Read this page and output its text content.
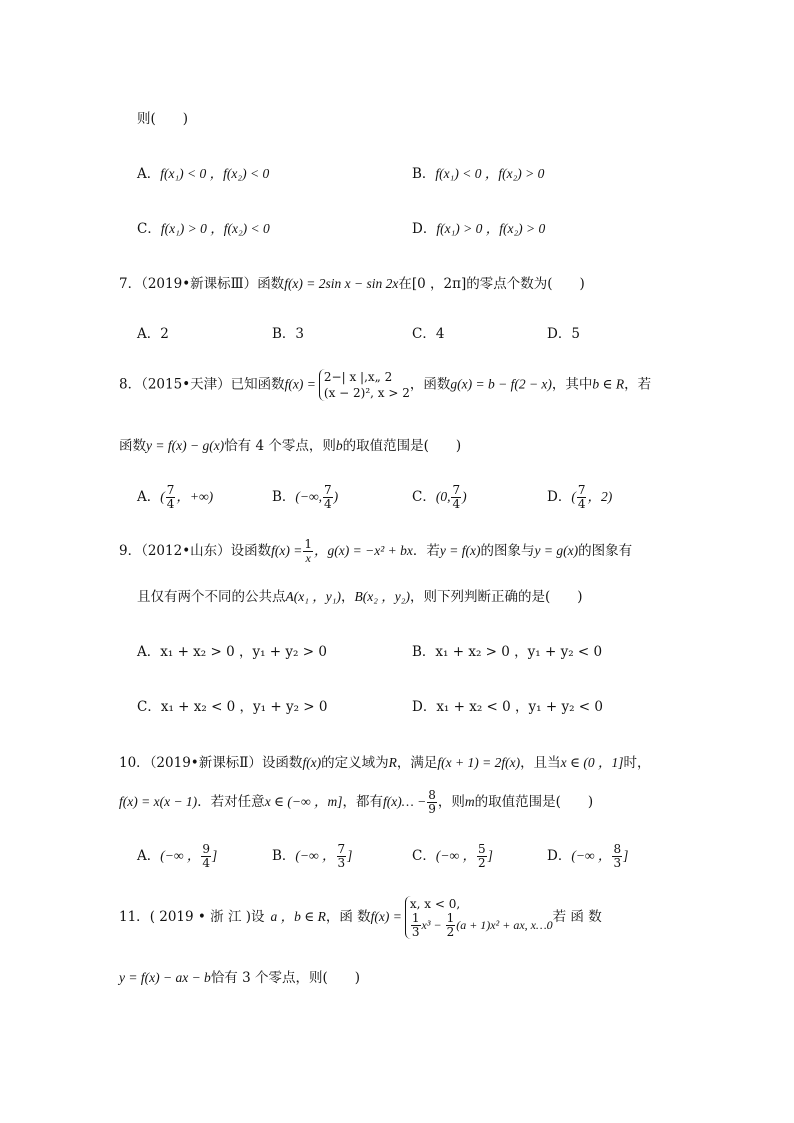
则(　　)
A．f(x₁) < 0 ，f(x₂) < 0	B．f(x₁) < 0 ，f(x₂) > 0
C．f(x₁) > 0 ，f(x₂) < 0	D．f(x₁) > 0 ，f(x₂) > 0
7．（2019•新课标Ⅲ）函数f(x) = 2sin x − sin 2x在[0 ，2π]的零点个数为(　　)
A．2	B．3	C．4	D．5
8．（2015•天津）已知函数f(x) = 2−| x |,x„ 2
(x − 2)², x > 2
，函数g(x) = b − f(2 − x)，其中b ∈ R，若
函数y = f(x) − g(x)恰有 4 个零点，则b的取值范围是(　　)
A．( $\frac{7}{4}$ ，+∞)	B．(−∞, $\frac{7}{4}$ )	C．(0, $\frac{7}{4}$ )	D．( $\frac{7}{4}$ ，2)
9．（2012•山东）设函数$f(x) = \frac{1}{x}$ ，g(x) = −x² + bx．若y = f(x)的图象与y = g(x)的图象有
且仅有两个不同的公共点A(x₁ ，y₁)，B(x₂ ，y₂)，则下列判断正确的是(　　)
A．x₁ + x₂ > 0 ，y₁ + y₂ > 0	B．x₁ + x₂ > 0 ，y₁ + y₂ < 0
C．x₁ + x₂ < 0 ，y₁ + y₂ > 0	D．x₁ + x₂ < 0 ，y₁ + y₂ < 0
10．（2019•新课标Ⅱ）设函数f(x)的定义域为R，满足f(x + 1) = 2f(x)，且当x ∈ (0 ，1]时，
f(x) = x(x − 1)．若对任意x ∈ (−∞ ，m]，都有f(x)… − $\frac{8}{9}$ ，则m的取值范围是(　　)
A．(−∞ ， $\frac{9}{4}$ ]	B．(−∞ ， $\frac{7}{3}$ ]	C．(−∞ ， $\frac{5}{2}$ ]	D．(−∞ ， $\frac{8}{3}$ ]
11．( 2019 • 浙 江 )设a ，b ∈ R，函 数f(x) =
x, x < 0,
$\frac{1}{3} x^3 - \frac{1}{2} (a + 1)x^2$ + ax, x…0 若 函 数
y = f(x) − ax − b恰有 3 个零点，则(　　)
